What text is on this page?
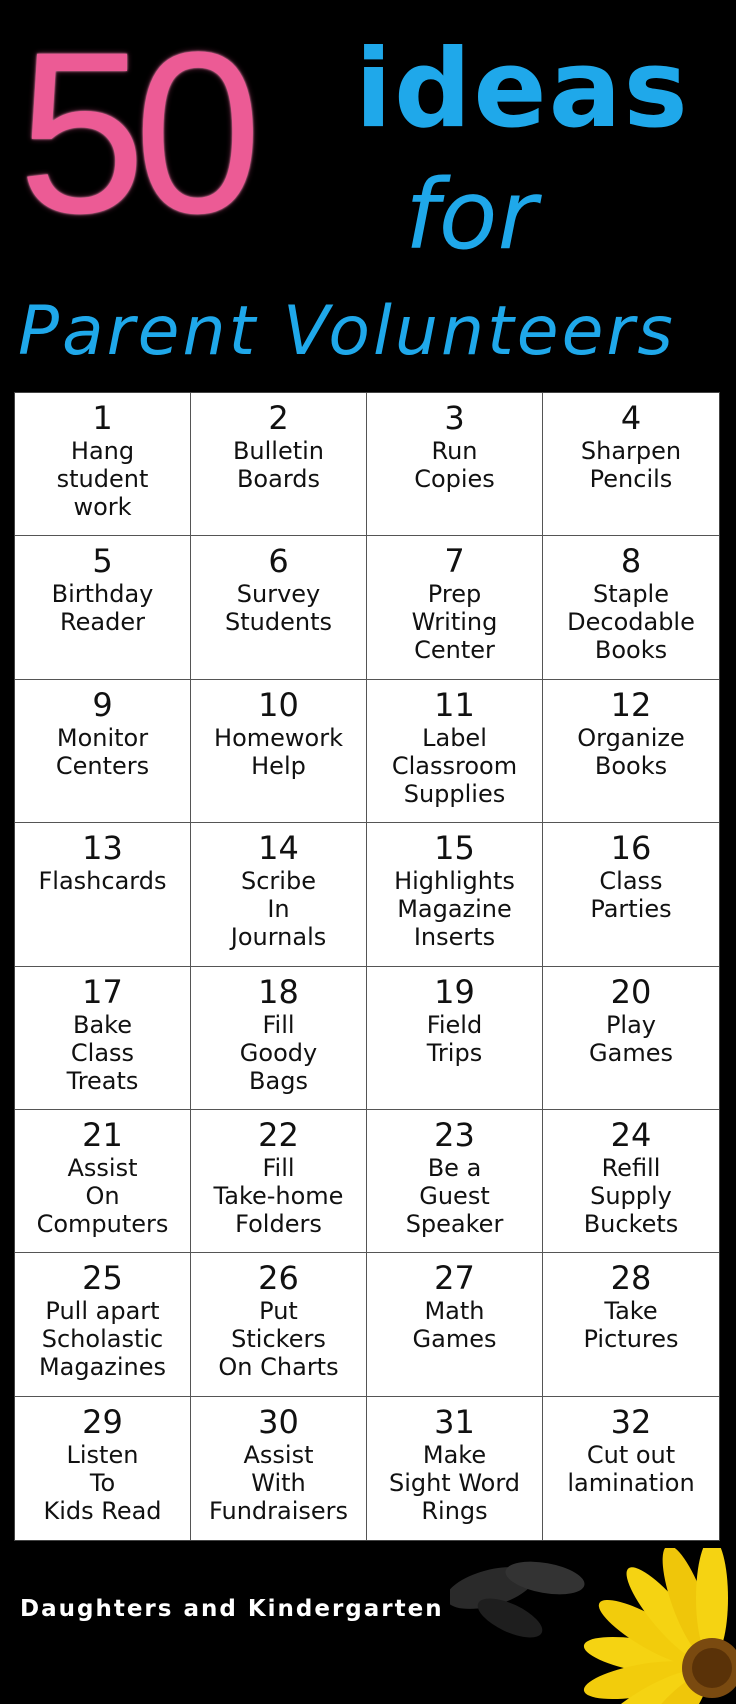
50 ideas
for
Parent Volunteers
1
Hang
student
work
2
Bulletin
Boards
3
Run
Copies
4
Sharpen
Pencils
5
Birthday
Reader
6
Survey
Students
7
Prep
Writing
Center
8
Staple
Decodable
Books
9
Monitor
Centers
10
Homework
Help
11
Label
Classroom
Supplies
12
Organize
Books
13
Flashcards
14
Scribe
In
Journals
15
Highlights
Magazine
Inserts
16
Class
Parties
17
Bake
Class
Treats
18
Fill
Goody
Bags
19
Field
Trips
20
Play
Games
21
Assist
On
Computers
22
Fill
Take-home
Folders
23
Be a
Guest
Speaker
24
Refill
Supply
Buckets
25
Pull apart
Scholastic
Magazines
26
Put
Stickers
On Charts
27
Math
Games
28
Take
Pictures
29
Listen
To
Kids Read
30
Assist
With
Fundraisers
31
Make
Sight Word
Rings
32
Cut out
lamination
Daughters and Kindergarten
